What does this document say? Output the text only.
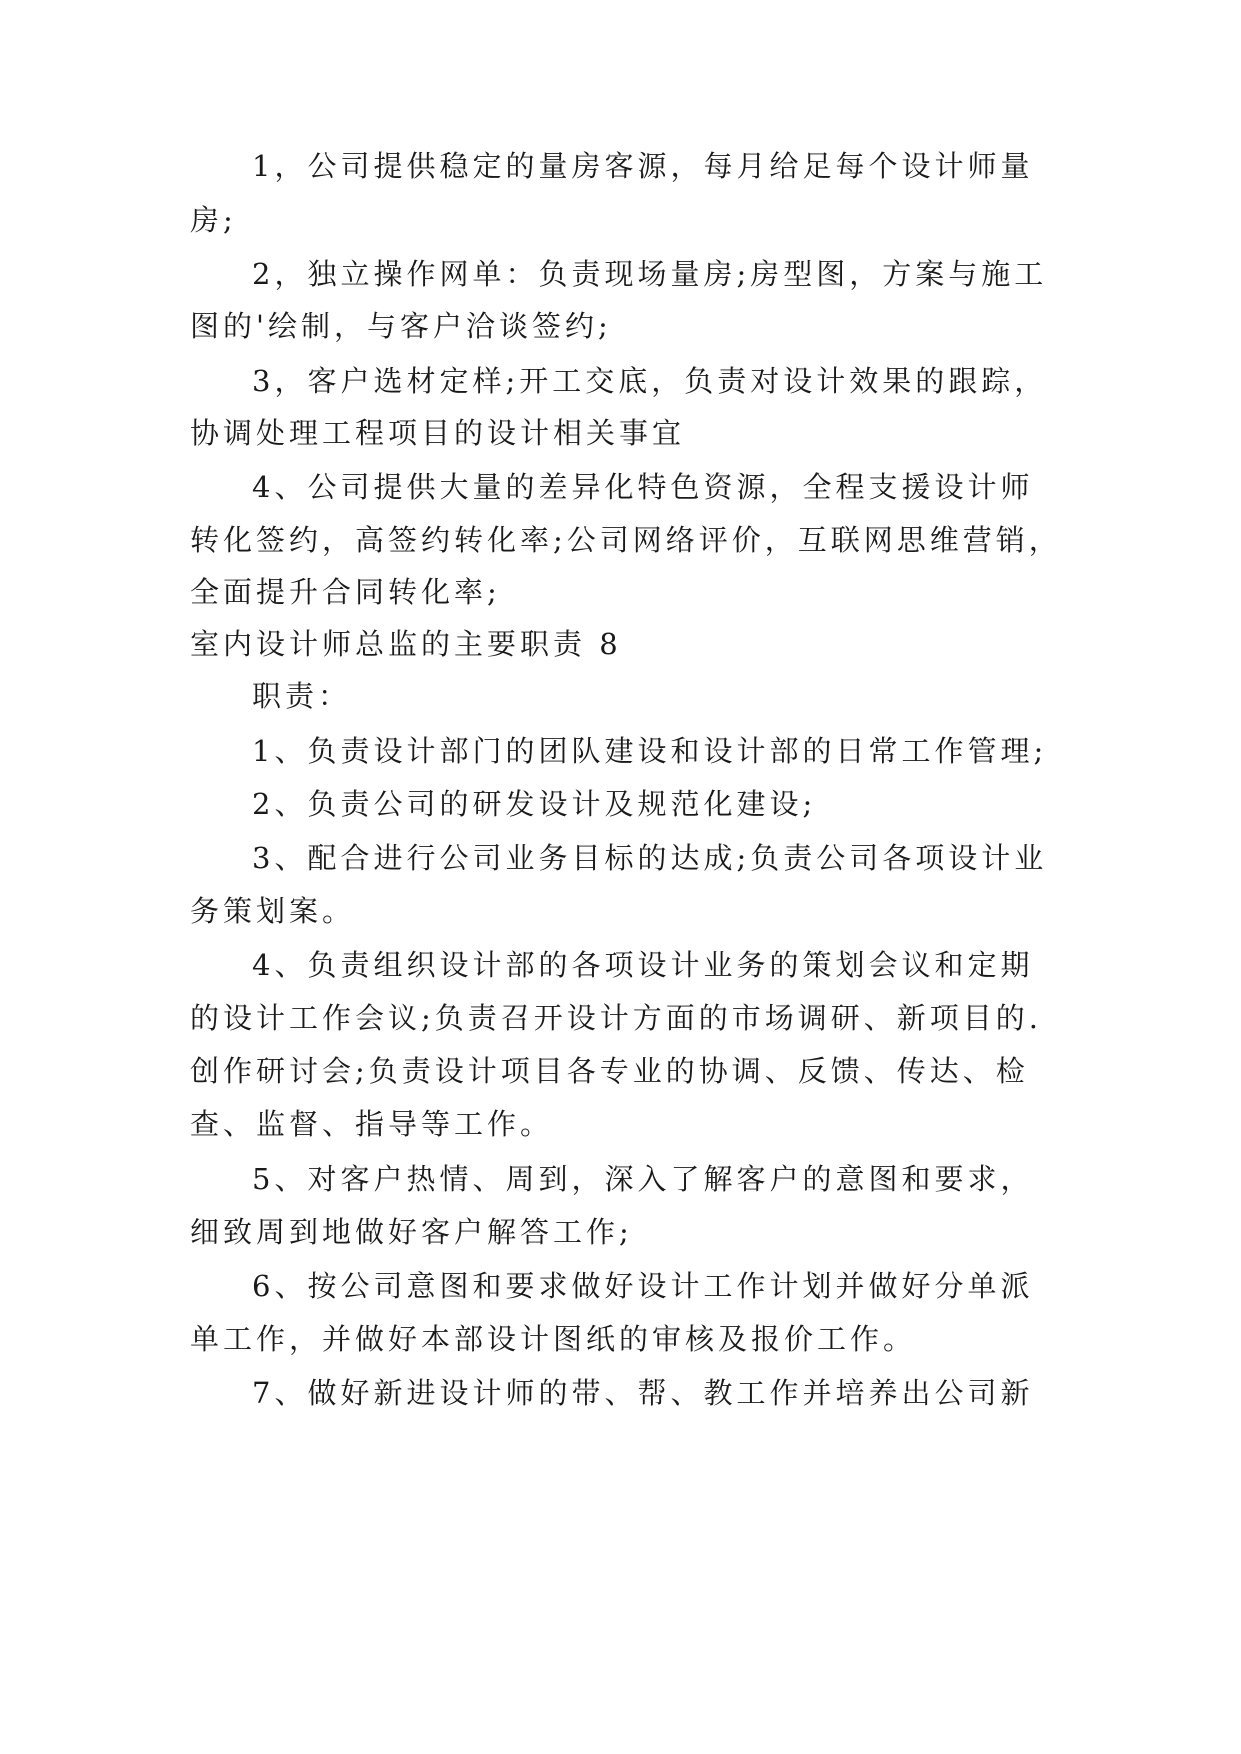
1，公司提供稳定的量房客源，每月给足每个设计师量
房;
2，独立操作网单：负责现场量房;房型图，方案与施工
图的'绘制，与客户洽谈签约;
3，客户选材定样;开工交底，负责对设计效果的跟踪，
协调处理工程项目的设计相关事宜
4、公司提供大量的差异化特色资源，全程支援设计师
转化签约，高签约转化率;公司网络评价，互联网思维营销，
全面提升合同转化率;
室内设计师总监的主要职责 8
职责：
1、负责设计部门的团队建设和设计部的日常工作管理;
2、负责公司的研发设计及规范化建设;
3、配合进行公司业务目标的达成;负责公司各项设计业
务策划案。
4、负责组织设计部的各项设计业务的策划会议和定期
的设计工作会议;负责召开设计方面的市场调研、新项目的.
创作研讨会;负责设计项目各专业的协调、反馈、传达、检
查、监督、指导等工作。
5、对客户热情、周到，深入了解客户的意图和要求，
细致周到地做好客户解答工作;
6、按公司意图和要求做好设计工作计划并做好分单派
单工作，并做好本部设计图纸的审核及报价工作。
7、做好新进设计师的带、帮、教工作并培养出公司新
